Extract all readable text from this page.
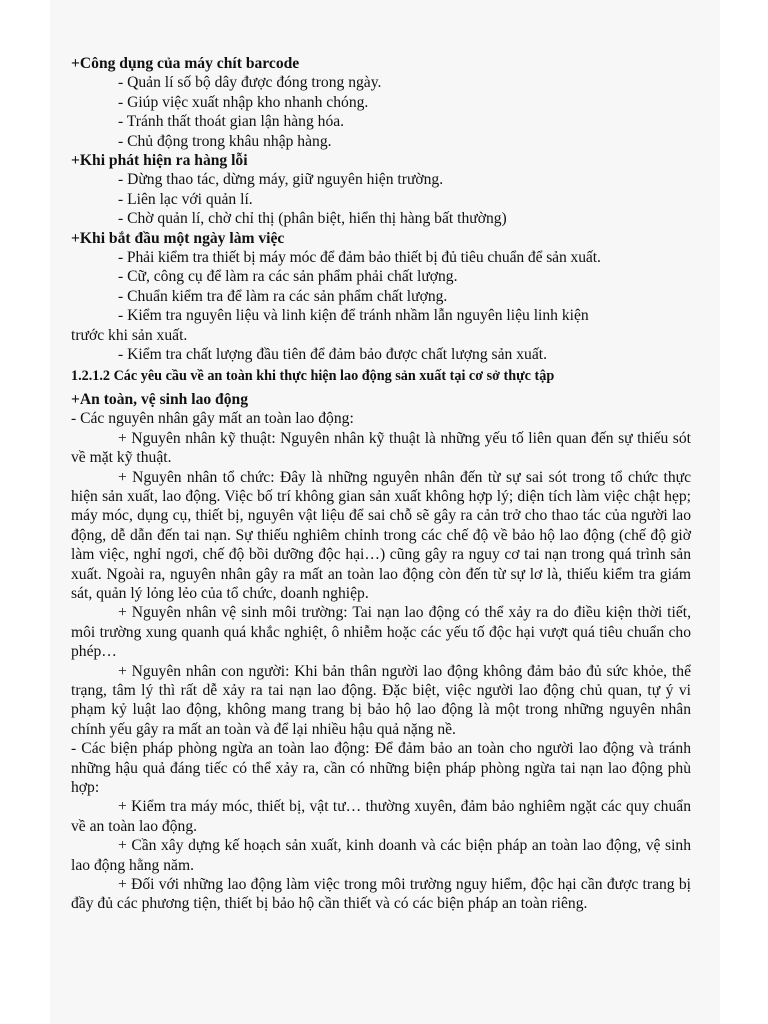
+Công dụng của máy chít barcode
- Quản lí số bộ dây được đóng trong ngày.
- Giúp việc xuất nhập kho nhanh chóng.
- Tránh thất thoát gian lận hàng hóa.
- Chủ động trong khâu nhập hàng.
+Khi phát hiện ra hàng lỗi
- Dừng thao tác, dừng máy, giữ nguyên hiện trường.
- Liên lạc với quản lí.
- Chờ quản lí, chờ chỉ thị (phân biệt, hiển thị hàng bất thường)
+Khi bắt đầu một ngày làm việc
- Phải kiểm tra thiết bị máy móc để đảm bảo thiết bị đủ tiêu chuẩn để sản xuất.
- Cữ, công cụ để làm ra các sản phẩm phải chất lượng.
- Chuẩn kiểm tra để làm ra các sản phẩm chất lượng.
- Kiểm tra nguyên liệu và linh kiện để tránh nhầm lẫn nguyên liệu linh kiện
trước khi sản xuất.
- Kiểm tra chất lượng đầu tiên để đảm bảo được chất lượng sản xuất.
1.2.1.2 Các yêu cầu về an toàn khi thực hiện lao động sản xuất tại cơ sở thực tập
+An toàn, vệ sinh lao động
- Các nguyên nhân gây mất an toàn lao động:
+ Nguyên nhân kỹ thuật: Nguyên nhân kỹ thuật là những yếu tố liên quan đến sự thiếu sót về mặt kỹ thuật.
+ Nguyên nhân tổ chức: Đây là những nguyên nhân đến từ sự sai sót trong tổ chức thực hiện sản xuất, lao động. Việc bố trí không gian sản xuất không hợp lý; diện tích làm việc chật hẹp; máy móc, dụng cụ, thiết bị, nguyên vật liệu để sai chỗ sẽ gây ra cản trở cho thao tác của người lao động, dễ dẫn đến tai nạn. Sự thiếu nghiêm chỉnh trong các chế độ về bảo hộ lao động (chế độ giờ làm việc, nghỉ ngơi, chế độ bồi dưỡng độc hại…) cũng gây ra nguy cơ tai nạn trong quá trình sản xuất. Ngoài ra, nguyên nhân gây ra mất an toàn lao động còn đến từ sự lơ là, thiếu kiểm tra giám sát, quản lý lỏng lẻo của tổ chức, doanh nghiệp.
+ Nguyên nhân vệ sinh môi trường: Tai nạn lao động có thể xảy ra do điều kiện thời tiết, môi trường xung quanh quá khắc nghiệt, ô nhiễm hoặc các yếu tố độc hại vượt quá tiêu chuẩn cho phép…
+ Nguyên nhân con người: Khi bản thân người lao động không đảm bảo đủ sức khỏe, thể trạng, tâm lý thì rất dễ xảy ra tai nạn lao động. Đặc biệt, việc người lao động chủ quan, tự ý vi phạm kỷ luật lao động, không mang trang bị bảo hộ lao động là một trong những nguyên nhân chính yếu gây ra mất an toàn và để lại nhiều hậu quả nặng nề.
- Các biện pháp phòng ngừa an toàn lao động: Để đảm bảo an toàn cho người lao động và tránh những hậu quả đáng tiếc có thể xảy ra, cần có những biện pháp phòng ngừa tai nạn lao động phù hợp:
+ Kiểm tra máy móc, thiết bị, vật tư… thường xuyên, đảm bảo nghiêm ngặt các quy chuẩn về an toàn lao động.
+ Cần xây dựng kế hoạch sản xuất, kinh doanh và các biện pháp an toàn lao động, vệ sinh lao động hằng năm.
+ Đối với những lao động làm việc trong môi trường nguy hiểm, độc hại cần được trang bị đầy đủ các phương tiện, thiết bị bảo hộ cần thiết và có các biện pháp an toàn riêng.
